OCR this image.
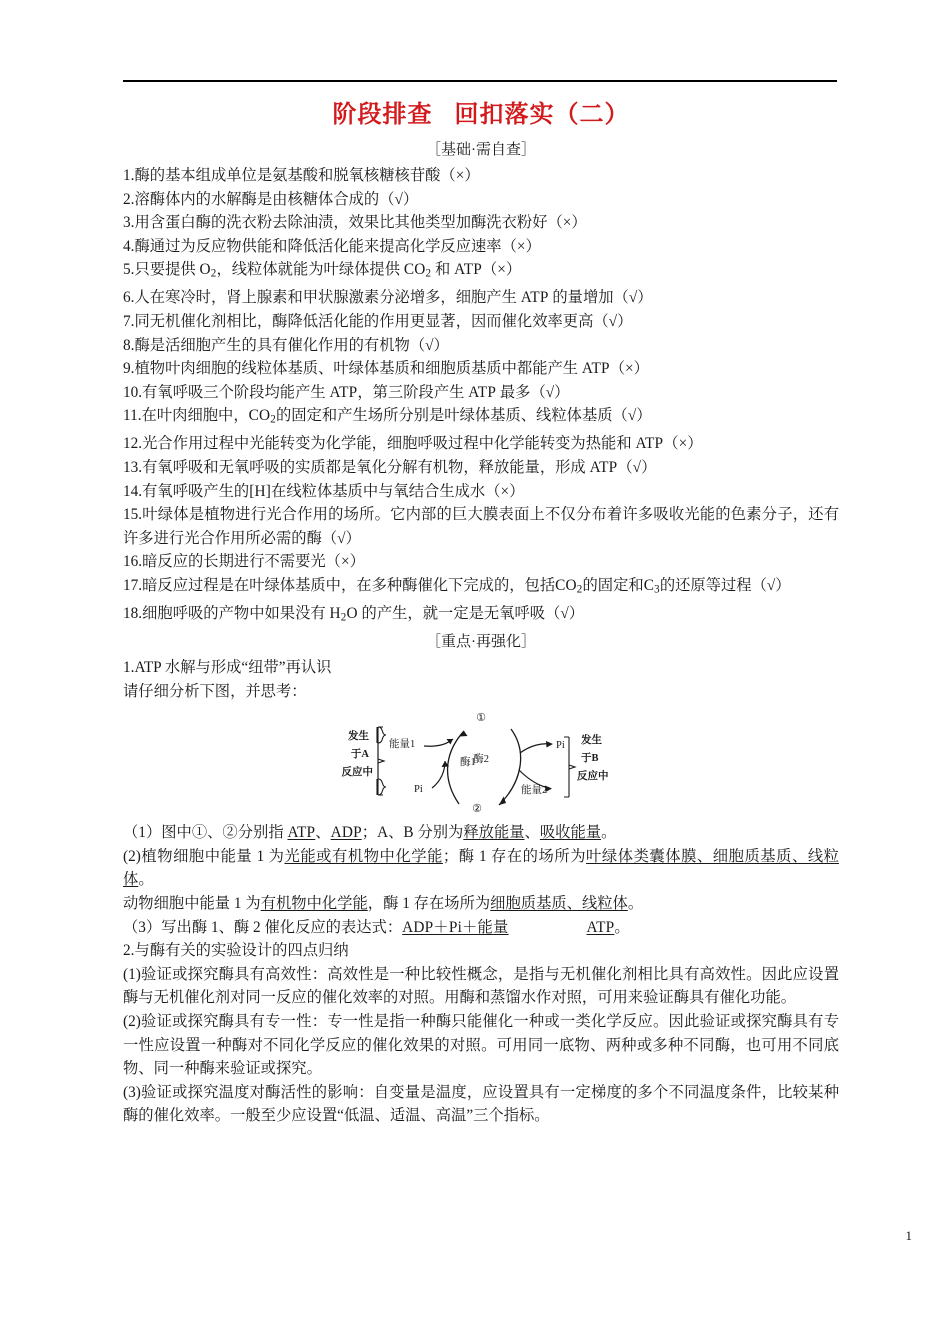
阶段排查 回扣落实（二）
［基础·需自查］

1.酶的基本组成单位是氨基酸和脱氧核糖核苷酸（×）

2.溶酶体内的水解酶是由核糖体合成的（√）

3.用含蛋白酶的洗衣粉去除油渍，效果比其他类型加酶洗衣粉好（×）

4.酶通过为反应物供能和降低活化能来提高化学反应速率（×）

5.只要提供 $O_2$，线粒体就能为叶绿体提供 $CO_2$ 和 ATP（×）

6.人在寒冷时，肾上腺素和甲状腺激素分泌增多，细胞产生 ATP 的量增加（√）

7.同无机催化剂相比，酶降低活化能的作用更显著，因而催化效率更高（√）

8.酶是活细胞产生的具有催化作用的有机物（√）

9.植物叶肉细胞的线粒体基质、叶绿体基质和细胞质基质中都能产生 ATP（×）

10.有氧呼吸三个阶段均能产生 ATP，第三阶段产生 ATP 最多（√）

11.在叶肉细胞中，$CO_2$的固定和产生场所分别是叶绿体基质、线粒体基质（√）

12.光合作用过程中光能转变为化学能，细胞呼吸过程中化学能转变为热能和 ATP（×）

13.有氧呼吸和无氧呼吸的实质都是氧化分解有机物，释放能量，形成 ATP（√）

14.有氧呼吸产生的[H]在线粒体基质中与氧结合生成水（×）

15.叶绿体是植物进行光合作用的场所。它内部的巨大膜表面上不仅分布着许多吸收光能的色素分子，还有许多进行光合作用所必需的酶（√）

16.暗反应的长期进行不需要光（×）

17.暗反应过程是在叶绿体基质中，在多种酶催化下完成的，包括$CO_2$的固定和$C_3$的还原等过程（√）

18.细胞呼吸的产物中如果没有 $H_2O$ 的产生，就一定是无氧呼吸（√）

［重点·再强化］

1.ATP 水解与形成“纽带”再认识

请仔细分析下图，并思考：

①
②
发生
于A
反应中
能量1
Pi
酶1
酶2
Pi
能量2
发生
于B
反应中

（1）图中①、②分别指 ATP、ADP；A、B 分别为释放能量、吸收能量。

(2)植物细胞中能量 1 为光能或有机物中化学能；酶 1 存在的场所为叶绿体类囊体膜、细胞质基质、线粒体。

动物细胞中能量 1 为有机物中化学能，酶 1 存在场所为细胞质基质、线粒体。

（3）写出酶 1、酶 2 催化反应的表达式：ADP＋Pi＋能量	ATP。

2.与酶有关的实验设计的四点归纳

(1)验证或探究酶具有高效性：高效性是一种比较性概念，是指与无机催化剂相比具有高效性。因此应设置酶与无机催化剂对同一反应的催化效率的对照。用酶和蒸馏水作对照，可用来验证酶具有催化功能。

(2)验证或探究酶具有专一性：专一性是指一种酶只能催化一种或一类化学反应。因此验证或探究酶具有专一性应设置一种酶对不同化学反应的催化效果的对照。可用同一底物、两种或多种不同酶，也可用不同底物、同一种酶来验证或探究。

(3)验证或探究温度对酶活性的影响：自变量是温度，应设置具有一定梯度的多个不同温度条件，比较某种酶的催化效率。一般至少应设置“低温、适温、高温”三个指标。

1
